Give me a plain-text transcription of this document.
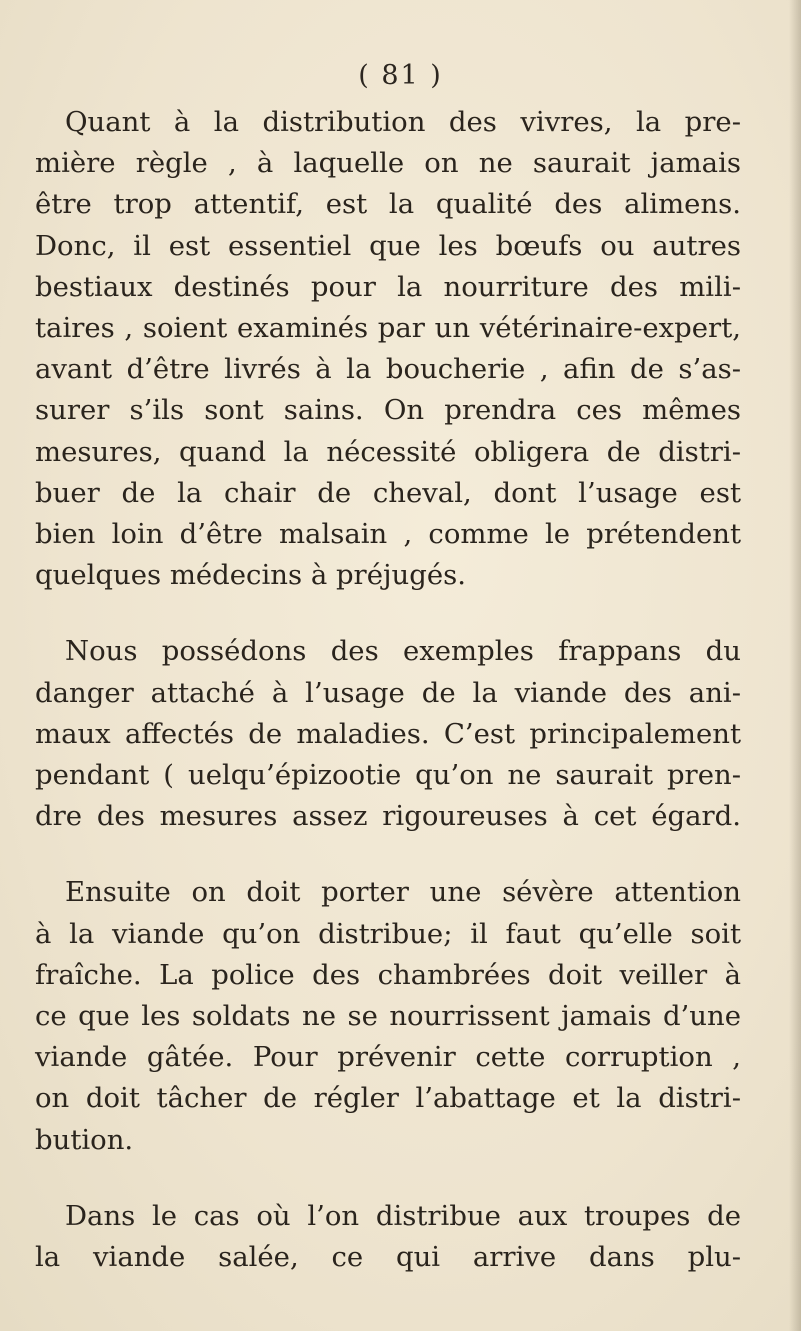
( 81 )
Quant à la distribution des vivres, la pre-
mière règle , à laquelle on ne saurait jamais
être trop attentif, est la qualité des alimens.
Donc, il est essentiel que les bœufs ou autres
bestiaux destinés pour la nourriture des mili-
taires , soient examinés par un vétérinaire-expert,
avant d’être livrés à la boucherie , afin de s’as-
surer s’ils sont sains. On prendra ces mêmes
mesures, quand la nécessité obligera de distri-
buer de la chair de cheval, dont l’usage est
bien loin d’être malsain , comme le prétendent
quelques médecins à préjugés.
Nous possédons des exemples frappans du
danger attaché à l’usage de la viande des ani-
maux affectés de maladies. C’est principalement
pendant ( uelqu’épizootie qu’on ne saurait pren-
dre des mesures assez rigoureuses à cet égard.
Ensuite on doit porter une sévère attention
à la viande qu’on distribue; il faut qu’elle soit
fraîche. La police des chambrées doit veiller à
ce que les soldats ne se nourrissent jamais d’une
viande gâtée. Pour prévenir cette corruption ,
on doit tâcher de régler l’abattage et la distri-
bution.
Dans le cas où l’on distribue aux troupes de
la viande salée, ce qui arrive dans plu-
